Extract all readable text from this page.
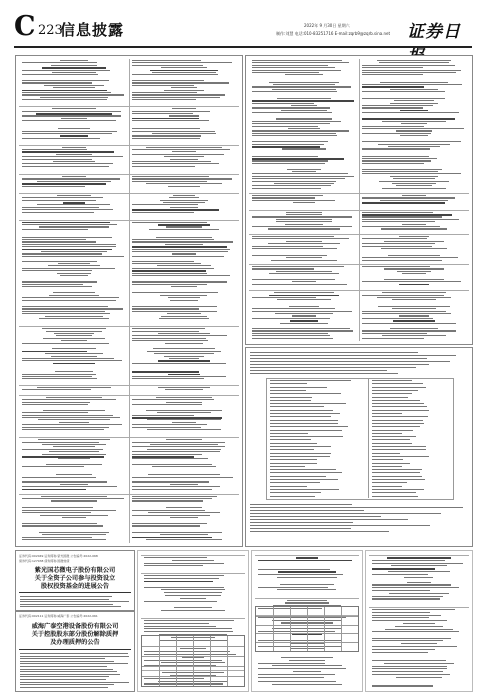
C 223
信息披露	2022年 9 月30日 星期六
制作:刘慧 电话:010-83251716 E-mail:zqrb9@zqrb.sina.net 证券日
证券代码:002049 证券简称:紫光国微 公告编号:2022-068
债券代码:127038 债券简称:国微转债
紫光国芯微电子股份有限公司
关于全资子公司参与投资设立
股权投资基金的进展公告
证券代码:002111 证券简称:威海广泰 公告编号:2022-061
威海广泰空港设备股份有限公司
关于控股股东部分股份解除质押
及办理质押的公告
